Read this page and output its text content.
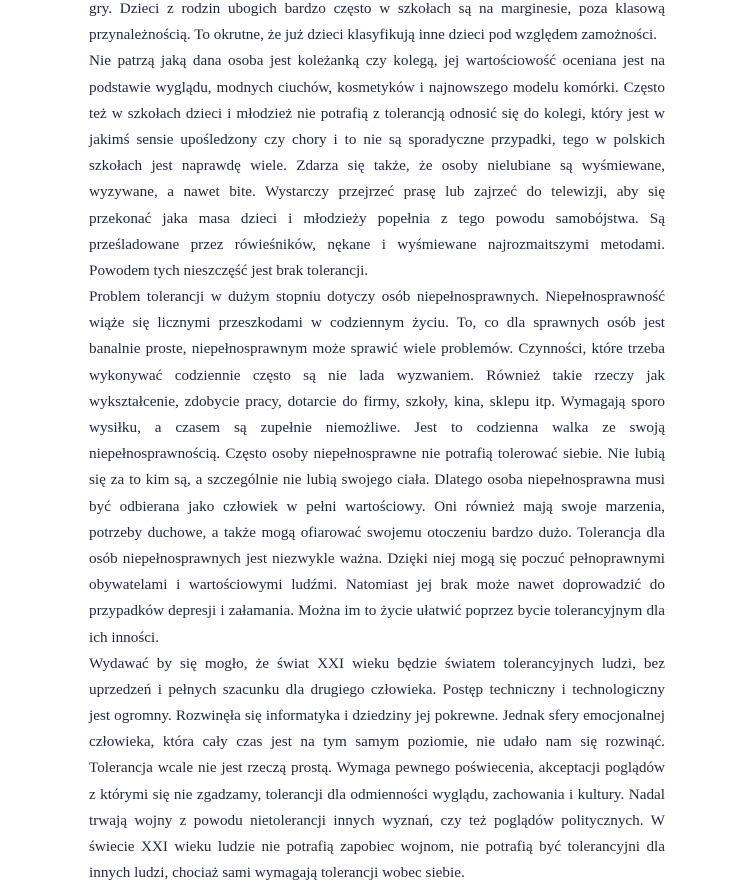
gry. Dzieci z rodzin ubogich bardzo często w szkołach są na marginesie, poza klasową
przynależnością. To okrutne, że już dzieci klasyfikują inne dzieci pod względem zamożności.
Nie patrzą jaką dana osoba jest koleżanką czy kolegą, jej wartościowość oceniana jest na
podstawie wyglądu, modnych ciuchów, kosmetyków i najnowszego modelu komórki. Często
też w szkołach dzieci i młodzież nie potrafią z tolerancją odnosić się do kolegi, który jest w
jakimś sensie upośledzony czy chory i to nie są sporadyczne przypadki, tego w polskich
szkołach jest naprawdę wiele. Zdarza się także, że osoby nielubiane są wyśmiewane,
wyzywane, a nawet bite. Wystarczy przejrzeć prasę lub zajrzeć do telewizji, aby się
przekonać jaka masa dzieci i młodzieży popełnia z tego powodu samobójstwa. Są
prześladowane przez rówieśników, nękane i wyśmiewane najrozmaitszymi metodami.
Powodem tych nieszczęść jest brak tolerancji.
Problem tolerancji w dużym stopniu dotyczy osób niepełnosprawnych. Niepełnosprawność
wiąże się licznymi przeszkodami w codziennym życiu. To, co dla sprawnych osób jest
banalnie proste, niepełnosprawnym może sprawić wiele problemów. Czynności, które trzeba
wykonywać codziennie często są nie lada wyzwaniem. Również takie rzeczy jak
wykształcenie, zdobycie pracy, dotarcie do firmy, szkoły, kina, sklepu itp. Wymagają sporo
wysiłku, a czasem są zupełnie niemożliwe. Jest to codzienna walka ze swoją
niepełnosprawnością. Często osoby niepełnosprawne nie potrafią tolerować siebie. Nie lubią
się za to kim są, a szczególnie nie lubią swojego ciała. Dlatego osoba niepełnosprawna musi
być odbierana jako człowiek w pełni wartościowy. Oni również mają swoje marzenia,
potrzeby duchowe, a także mogą ofiarować swojemu otoczeniu bardzo dużo. Tolerancja dla
osób niepełnosprawnych jest niezwykle ważna. Dzięki niej mogą się poczuć pełnoprawnymi
obywatelami i wartościowymi ludźmi. Natomiast jej brak może nawet doprowadzić do
przypadków depresji i załamania. Można im to życie ułatwić poprzez bycie tolerancyjnym dla
ich inności.
Wydawać by się mogło, że świat XXI wieku będzie światem tolerancyjnych ludzi, bez
uprzedzeń i pełnych szacunku dla drugiego człowieka. Postęp techniczny i technologiczny
jest ogromny. Rozwinęła się informatyka i dziedziny jej pokrewne. Jednak sfery emocjonalnej
człowieka, która cały czas jest na tym samym poziomie, nie udało nam się rozwinąć.
Tolerancja wcale nie jest rzeczą prostą. Wymaga pewnego poświecenia, akceptacji poglądów
z którymi się nie zgadzamy, tolerancji dla odmienności wyglądu, zachowania i kultury. Nadal
trwają wojny z powodu nietolerancji innych wyznań, czy też poglądów politycznych. W
świecie XXI wieku ludzie nie potrafią zapobiec wojnom, nie potrafią być tolerancyjni dla
innych ludzi, chociaż sami wymagają tolerancji wobec siebie.
